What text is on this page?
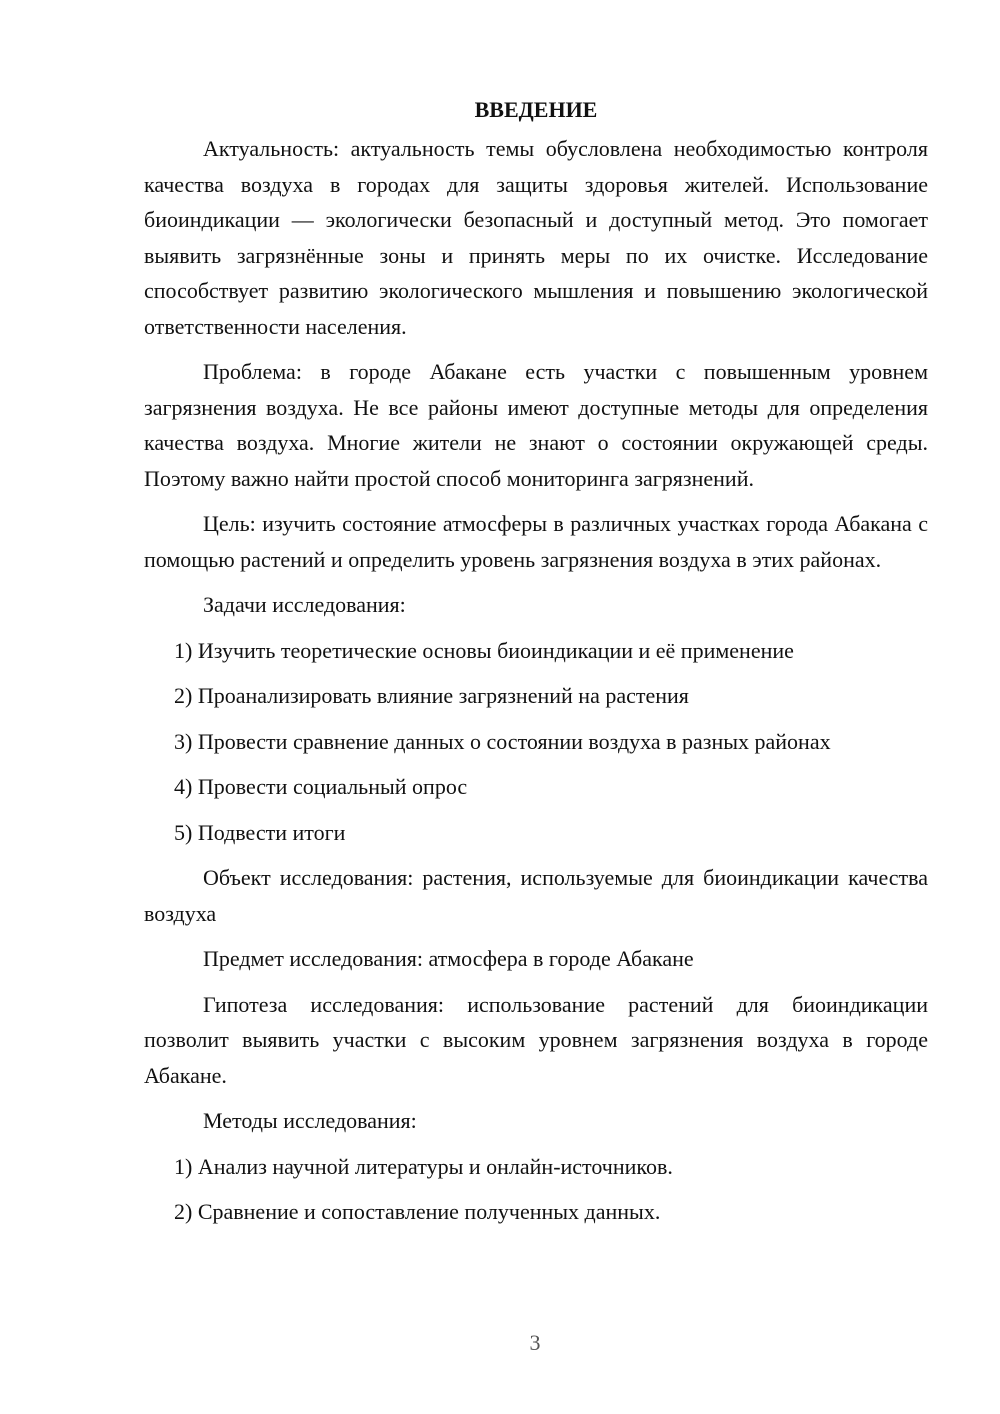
ВВЕДЕНИЕ

Актуальность: актуальность темы обусловлена необходимостью контроля качества воздуха в городах для защиты здоровья жителей. Использование биоиндикации — экологически безопасный и доступный метод. Это помогает выявить загрязнённые зоны и принять меры по их очистке. Исследование способствует развитию экологического мышления и повышению экологической ответственности населения.

Проблема: в городе Абакане есть участки с повышенным уровнем загрязнения воздуха. Не все районы имеют доступные методы для определения качества воздуха. Многие жители не знают о состоянии окружающей среды. Поэтому важно найти простой способ мониторинга загрязнений.

Цель: изучить состояние атмосферы в различных участках города Абакана с помощью растений и определить уровень загрязнения воздуха в этих районах.

Задачи исследования:

1) Изучить теоретические основы биоиндикации и её применение
2) Проанализировать влияние загрязнений на растения
3) Провести сравнение данных о состоянии воздуха в разных районах
4) Провести социальный опрос
5) Подвести итоги

Объект исследования: растения, используемые для биоиндикации качества воздуха

Предмет исследования: атмосфера в городе Абакане

Гипотеза исследования: использование растений для биоиндикации позволит выявить участки с высоким уровнем загрязнения воздуха в городе Абакане.

Методы исследования:

1) Анализ научной литературы и онлайн-источников.
2) Сравнение и сопоставление полученных данных.
3
